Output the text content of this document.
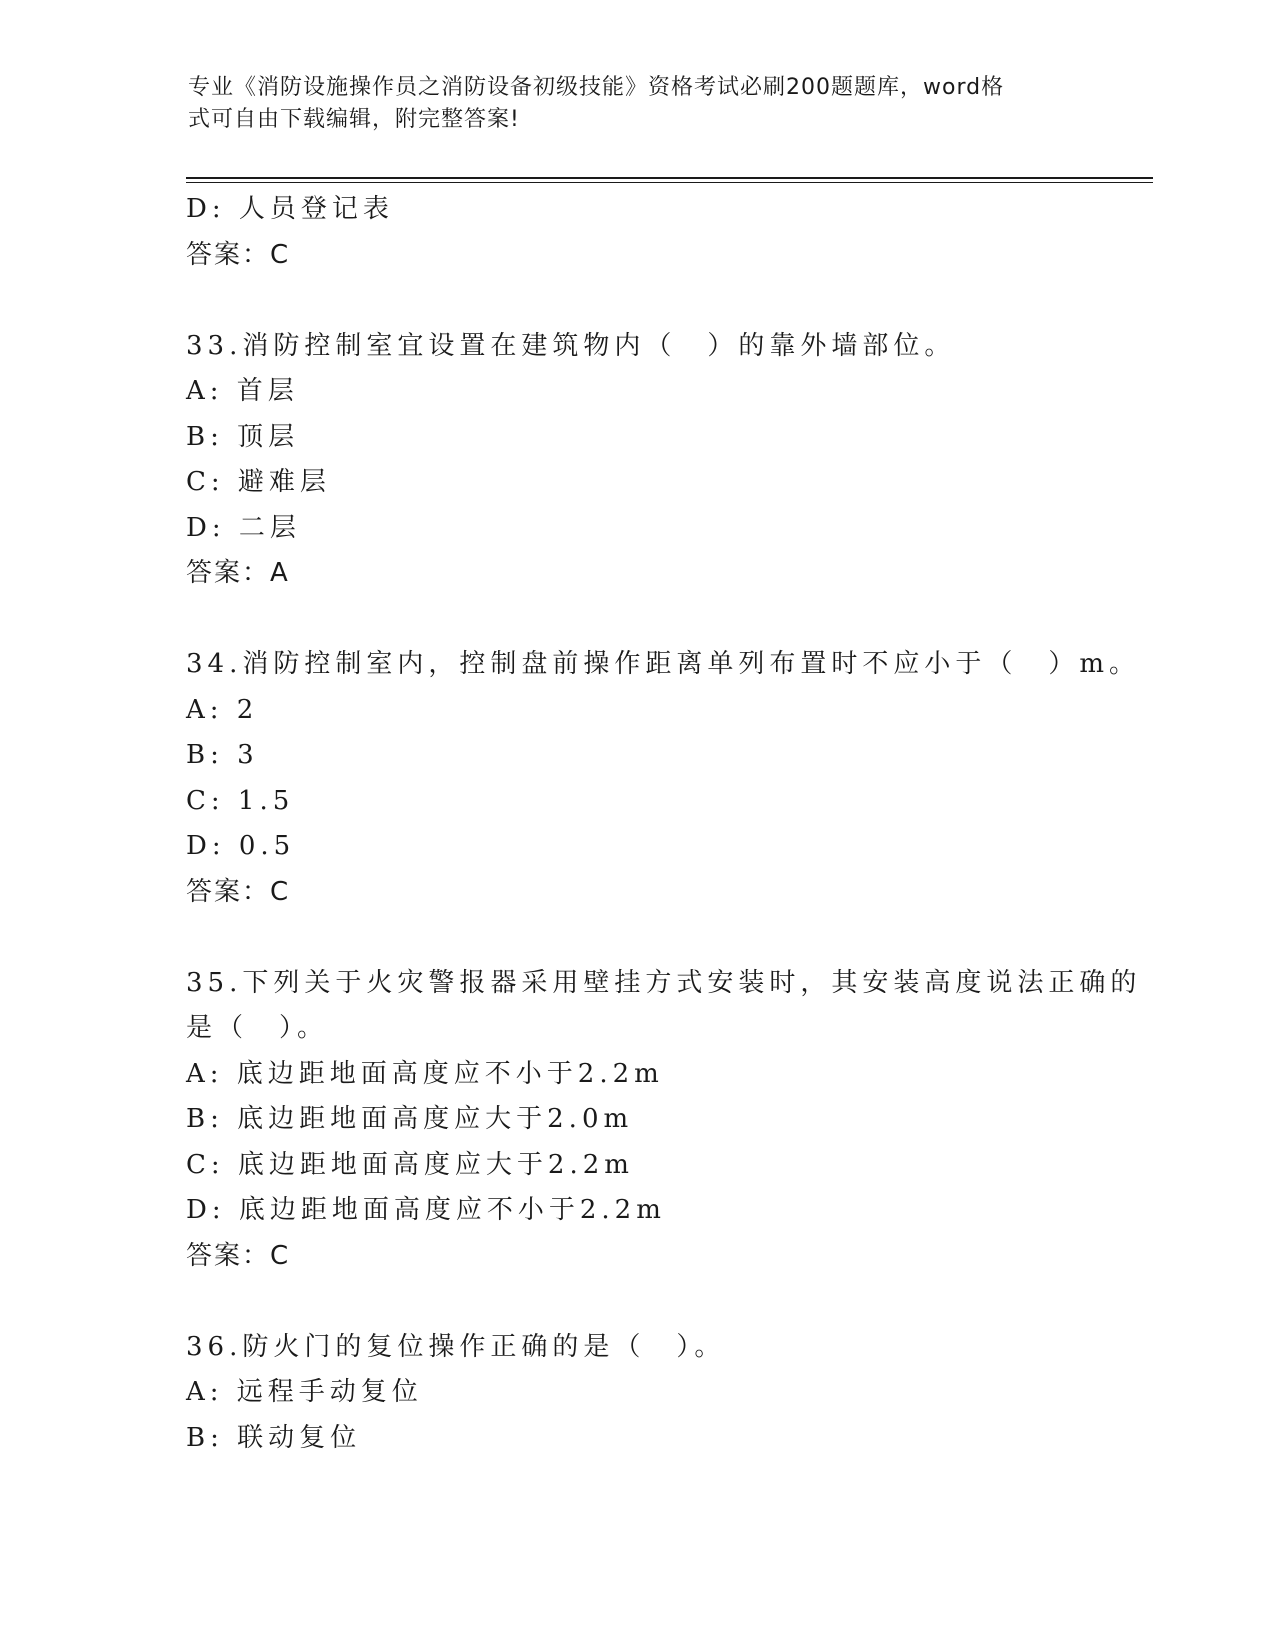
专业《消防设施操作员之消防设备初级技能》资格考试必刷200题题库，word格
式可自由下载编辑，附完整答案!
D: 人员登记表
答案：C
33.消防控制室宜设置在建筑物内（　）的靠外墙部位。
A: 首层
B: 顶层
C: 避难层
D: 二层
答案：A
34.消防控制室内，控制盘前操作距离单列布置时不应小于（　）m。
A: 2
B: 3
C: 1.5
D: 0.5
答案：C
35.下列关于火灾警报器采用壁挂方式安装时，其安装高度说法正确的
是（　）。
A: 底边距地面高度应不小于2.2m
B: 底边距地面高度应大于2.0m
C: 底边距地面高度应大于2.2m
D: 底边距地面高度应不小于2.2m
答案：C
36.防火门的复位操作正确的是（　）。
A: 远程手动复位
B: 联动复位
